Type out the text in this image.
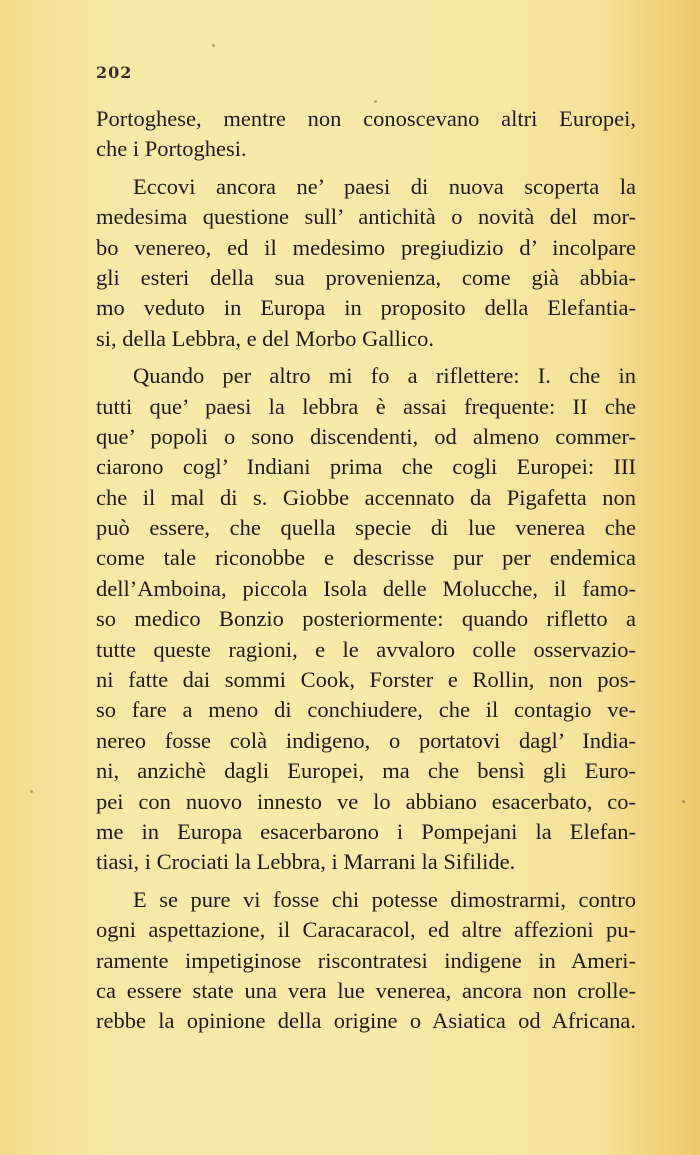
202
Portoghese, mentre non conoscevano altri Europei,
che i Portoghesi.
Eccovi ancora ne’ paesi di nuova scoperta la
medesima questione sull’ antichità o novità del mor-
bo venereo, ed il medesimo pregiudizio d’ incolpare
gli esteri della sua provenienza, come già abbia-
mo veduto in Europa in proposito della Elefantia-
si, della Lebbra, e del Morbo Gallico.
Quando per altro mi fo a riflettere: I. che in
tutti que’ paesi la lebbra è assai frequente: II che
que’ popoli o sono discendenti, od almeno commer-
ciarono cogl’ Indiani prima che cogli Europei: III
che il mal di s. Giobbe accennato da Pigafetta non
può essere, che quella specie di lue venerea che
come tale riconobbe e descrisse pur per endemica
dell’Amboina, piccola Isola delle Molucche, il famo-
so medico Bonzio posteriormente: quando rifletto a
tutte queste ragioni, e le avvaloro colle osservazio-
ni fatte dai sommi Cook, Forster e Rollin, non pos-
so fare a meno di conchiudere, che il contagio ve-
nereo fosse colà indigeno, o portatovi dagl’ India-
ni, anzichè dagli Europei, ma che bensì gli Euro-
pei con nuovo innesto ve lo abbiano esacerbato, co-
me in Europa esacerbarono i Pompejani la Elefan-
tiasi, i Crociati la Lebbra, i Marrani la Sifilide.
E se pure vi fosse chi potesse dimostrarmi, contro
ogni aspettazione, il Caracaracol, ed altre affezioni pu-
ramente impetiginose riscontratesi indigene in Ameri-
ca essere state una vera lue venerea, ancora non crolle-
rebbe la opinione della origine o Asiatica od Africana.
